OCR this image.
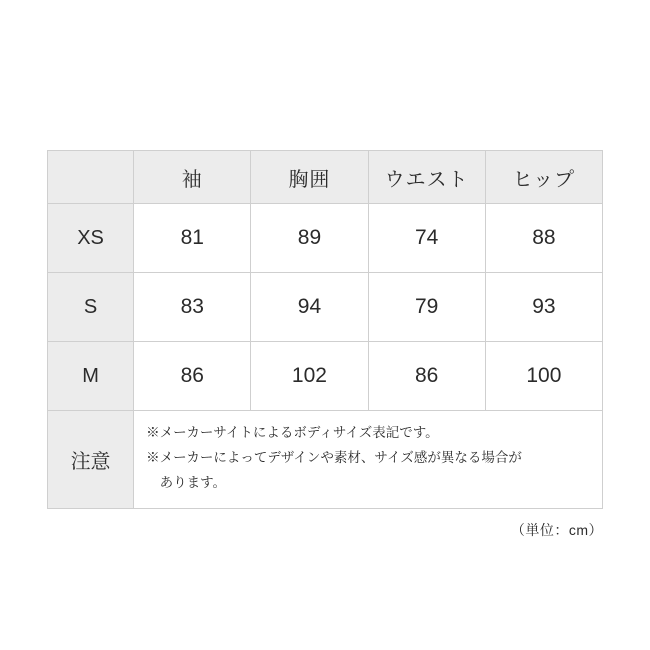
	袖	胸囲	ウエスト	ヒップ
XS	81	89	74	88
S	83	94	79	93
M	86	102	86	100
注意	※メーカーサイトによるボディサイズ表記です。
※メーカーによってデザインや素材、サイズ感が異なる場合が
　あります。			
（単位：cm）
